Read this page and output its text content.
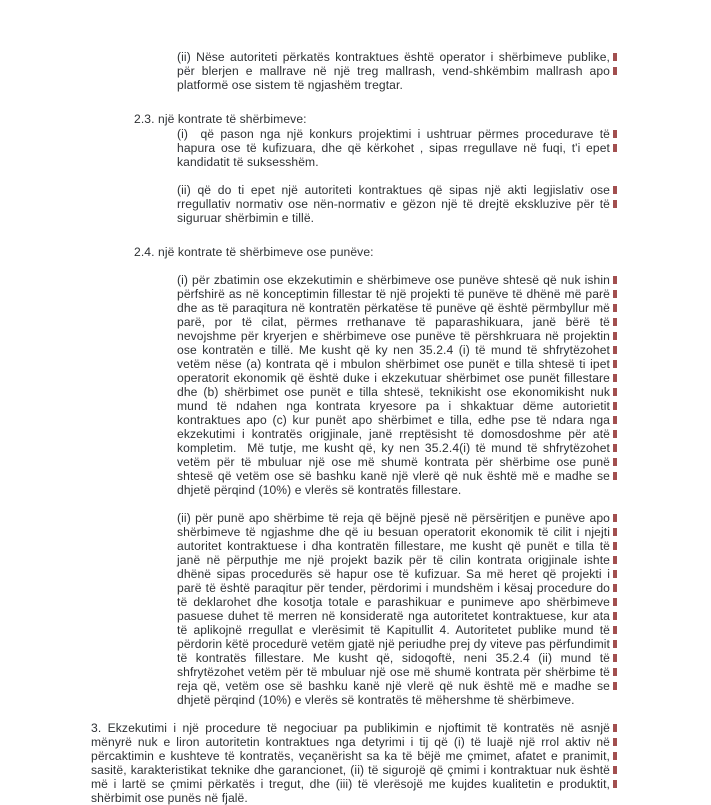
(ii) Nëse autoriteti përkatës kontraktues është operator i shërbimeve publike, për blerjen e mallrave në një treg mallrash, vend-shkëmbim mallrash apo platformë ose sistem të ngjashëm tregtar.

2.3. një kontrate të shërbimeve:

(i)  që pason nga një konkurs projektimi i ushtruar përmes procedurave të hapura ose të kufizuara, dhe që kërkohet , sipas rregullave në fuqi, t'i epet kandidatit të suksesshëm.

(ii) që do ti epet një autoriteti kontraktues që sipas një akti legjislativ ose rregullativ normativ ose nën-normativ e gëzon një të drejtë ekskluzive për të siguruar shërbimin e tillë.

2.4. një kontrate të shërbimeve ose punëve:

(i) për zbatimin ose ekzekutimin e shërbimeve ose punëve shtesë që nuk ishin përfshirë as në konceptimin fillestar të një projekti të punëve të dhënë më parë dhe as të paraqitura në kontratën përkatëse të punëve që është përmbyllur më parë, por të cilat, përmes rrethanave të paparashikuara, janë bërë të nevojshme për kryerjen e shërbimeve ose punëve të përshkruara në projektin ose kontratën e tillë. Me kusht që ky nen 35.2.4 (i) të mund të shfrytëzohet vetëm nëse (a) kontrata që i mbulon shërbimet ose punët e tilla shtesë ti ipet operatorit ekonomik që është duke i ekzekutuar shërbimet ose punët fillestare dhe (b) shërbimet ose punët e tilla shtesë, teknikisht ose ekonomikisht nuk mund të ndahen nga kontrata kryesore pa i shkaktuar dëme autorietit kontraktues apo (c) kur punët apo shërbimet e tilla, edhe pse të ndara nga ekzekutimi i kontratës origjinale, janë rreptësisht të domosdoshme për atë kompletim.  Më tutje, me kusht që, ky nen 35.2.4(i) të mund të shfrytëzohet vetëm për të mbuluar një ose më shumë kontrata për shërbime ose punë shtesë që vetëm ose së bashku kanë një vlerë që nuk është më e madhe se dhjetë përqind (10%) e vlerës së kontratës fillestare.

(ii) për punë apo shërbime të reja që bëjnë pjesë në përsëritjen e punëve apo shërbimeve të ngjashme dhe që iu besuan operatorit ekonomik të cilit i njejti autoritet kontraktuese i dha kontratën fillestare, me kusht që punët e tilla të janë në përputhje me një projekt bazik për të cilin kontrata origjinale ishte dhënë sipas procedurës së hapur ose të kufizuar. Sa më heret që projekti i parë të është paraqitur për tender, përdorimi i mundshëm i kësaj procedure do të deklarohet dhe kosotja totale e parashikuar e punimeve apo shërbimeve pasuese duhet të merren në konsideratë nga autoritetet kontraktuese, kur ata të aplikojnë rregullat e vlerësimit të Kapitullit 4. Autoritetet publike mund të përdorin këtë procedurë vetëm gjatë një periudhe prej dy viteve pas përfundimit të kontratës fillestare. Me kusht që, sidoqoftë, neni 35.2.4 (ii) mund të shfrytëzohet vetëm për të mbuluar një ose më shumë kontrata për shërbime të reja që, vetëm ose së bashku kanë një vlerë që nuk është më e madhe se dhjetë përqind (10%) e vlerës së kontratës të mëhershme të shërbimeve.

3. Ekzekutimi i një procedure të negociuar pa publikimin e njoftimit të kontratës në asnjë mënyrë nuk e liron autoritetin kontraktues nga detyrimi i tij që (i) të luajë një rrol aktiv në përcaktimin e kushteve të kontratës, veçanërisht sa ka të bëjë me çmimet, afatet e pranimit, sasitë, karakteristikat teknike dhe garancionet, (ii) të sigurojë që çmimi i kontraktuar nuk është më i lartë se çmimi përkatës i tregut, dhe (iii) të vlerësojë me kujdes kualitetin e produktit, shërbimit ose punës në fjalë.
